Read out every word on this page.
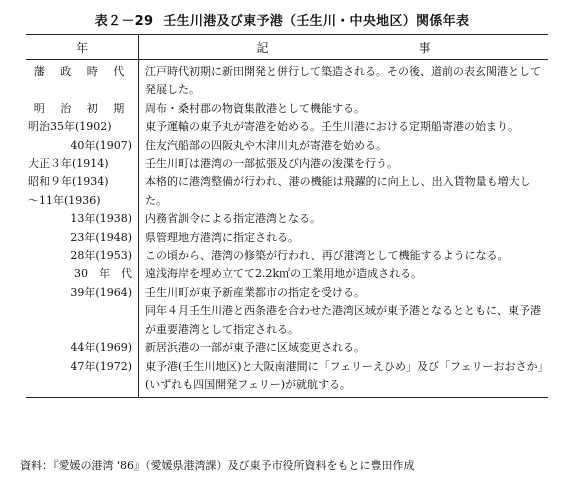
表２－29 壬生川港及び東予港（壬生川・中央地区）関係年表
年	記 事

藩 政 時 代	江戸時代初期に新田開発と併行して築造される。その後、道前の表玄関港として発展した。

明 治 初 期	周布・桑村郡の物資集散港として機能する。

明治35年(1902)	東予運輸の東予丸が寄港を始める。壬生川港における定期船寄港の始まり。

40年(1907)	住友汽船部の四阪丸や木津川丸が寄港を始める。

大正３年(1914)	壬生川町は港湾の一部拡張及び内港の浚渫を行う。

昭和９年(1934)
～11年(1936)	本格的に港湾整備が行われ、港の機能は飛躍的に向上し、出入貨物量も増大した。

13年(1938)	内務省訓令による指定港湾となる。

23年(1948)	県管理地方港湾に指定される。

28年(1953)	この頃から、港湾の修築が行われ、再び港湾として機能するようになる。

30　年　代	遠浅海岸を埋め立てて2.2k㎡の工業用地が造成される。

39年(1964)	壬生川町が東予新産業都市の指定を受ける。
	同年４月壬生川港と西条港を合わせた港湾区域が東予港となるとともに、東予港が重要港湾として指定される。

44年(1969)	新居浜港の一部が東予港に区域変更される。

47年(1972)	東予港(壬生川地区)と大阪南港間に「フェリーえひめ」及び「フェリーおおさか」(いずれも四国開発フェリー)が就航する。
資料：『愛媛の港湾 '86』（愛媛県港湾課）及び東予市役所資料をもとに豊田作成
